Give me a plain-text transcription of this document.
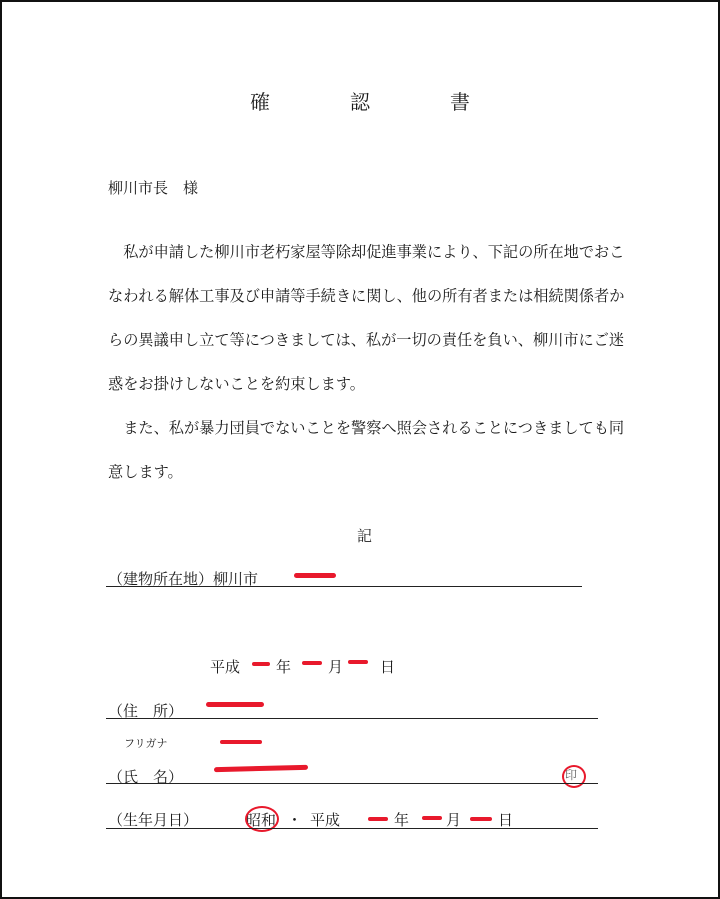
確　認　書
柳川市長　様
私が申請した柳川市老朽家屋等除却促進事業により、下記の所在地でおこなわれる解体工事及び申請等手続きに関し、他の所有者または相続関係者からの異議申し立て等につきましては、私が一切の責任を負い、柳川市にご迷惑をお掛けしないことを約束します。
また、私が暴力団員でないことを警察へ照会されることにつきましても同意します。
記
（建物所在地）柳川市
平成 年 月 日
（住　所）
フリガナ
（氏　名）	印
（生年月日）	昭和 ・ 平成	年 月 日
